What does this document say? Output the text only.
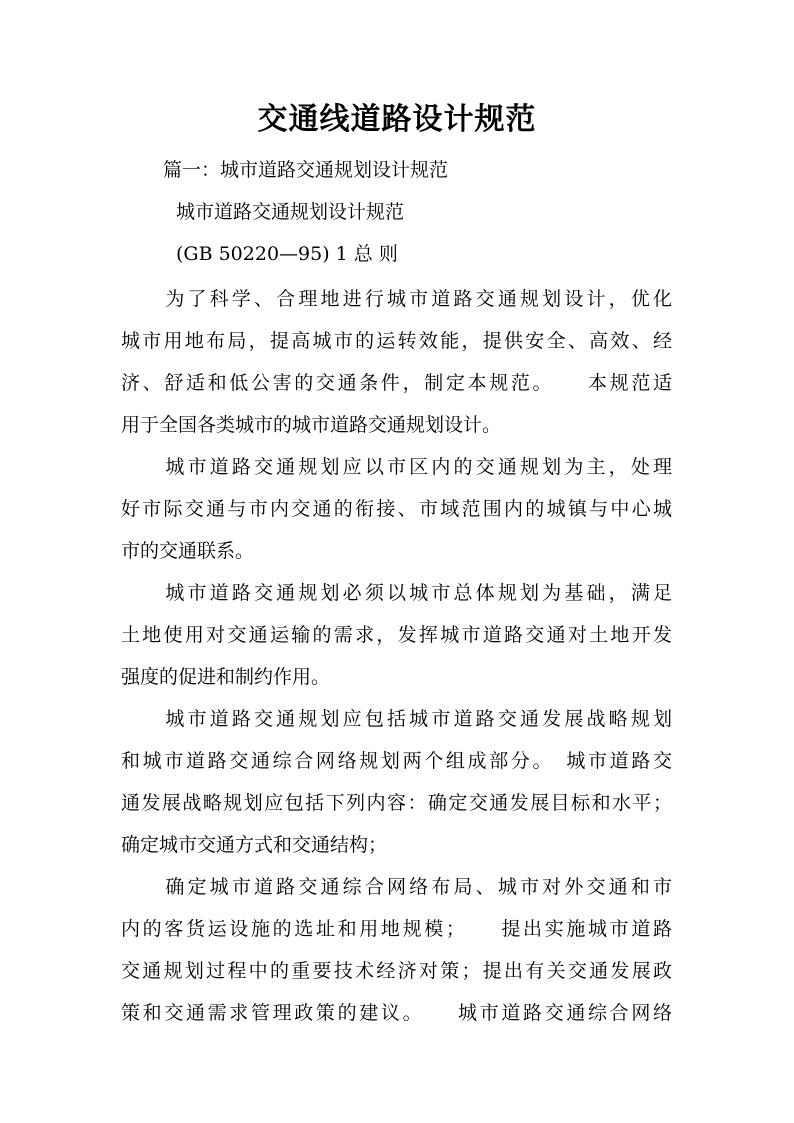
交通线道路设计规范
篇一：城市道路交通规划设计规范
城市道路交通规划设计规范
(GB 50220—95) 1 总 则
　　为了科学、合理地进行城市道路交通规划设计，优化
城市用地布局，提高城市的运转效能，提供安全、高效、经
济、舒适和低公害的交通条件，制定本规范。　　本规范适
用于全国各类城市的城市道路交通规划设计。
　　城市道路交通规划应以市区内的交通规划为主，处理
好市际交通与市内交通的衔接、市域范围内的城镇与中心城
市的交通联系。
　　城市道路交通规划必须以城市总体规划为基础，满足
土地使用对交通运输的需求，发挥城市道路交通对土地开发
强度的促进和制约作用。
　　城市道路交通规划应包括城市道路交通发展战略规划
和城市道路交通综合网络规划两个组成部分。　城市道路交
通发展战略规划应包括下列内容：确定交通发展目标和水平；
确定城市交通方式和交通结构；
　　确定城市道路交通综合网络布局、城市对外交通和市
内的客货运设施的选址和用地规模；　　提出实施城市道路
交通规划过程中的重要技术经济对策；提出有关交通发展政
策和交通需求管理政策的建议。　　城市道路交通综合网络
